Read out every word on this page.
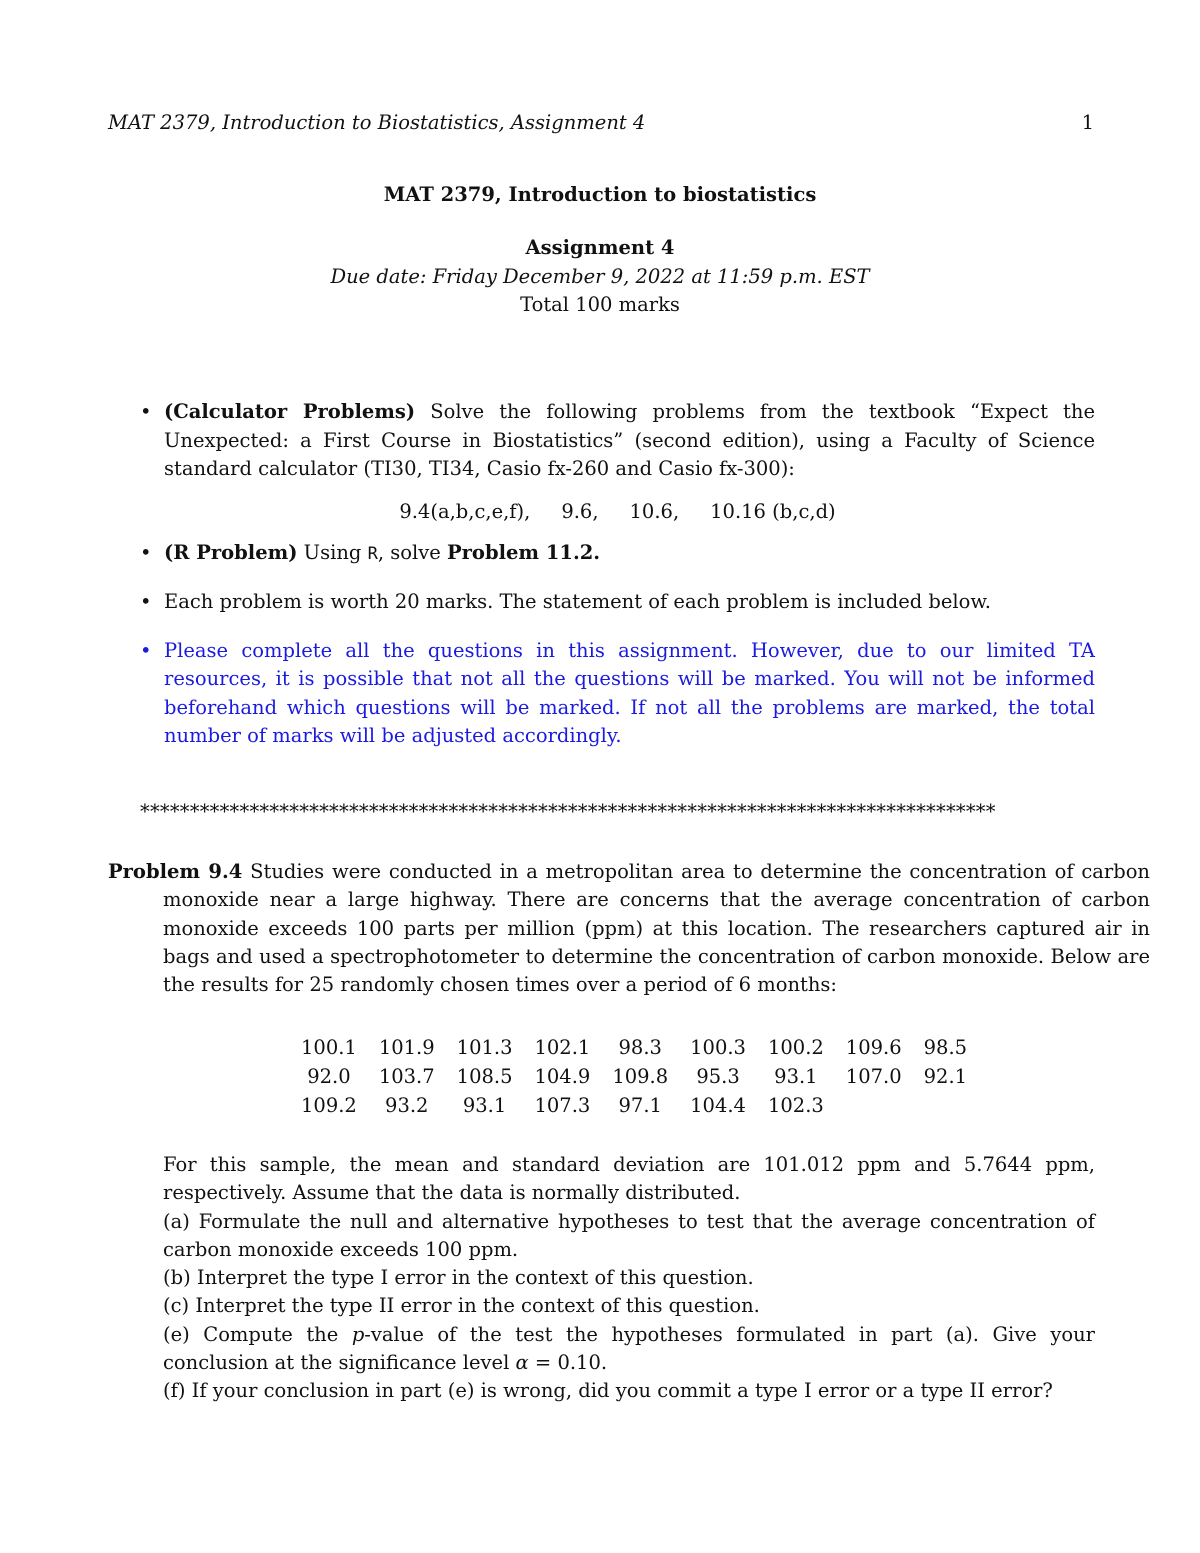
MAT 2379, Introduction to Biostatistics, Assignment 4	1
MAT 2379, Introduction to biostatistics
Assignment 4
Due date: Friday December 9, 2022 at 11:59 p.m. EST
Total 100 marks
• (Calculator Problems) Solve the following problems from the textbook “Expect the Unexpected: a First Course in Biostatistics” (second edition), using a Faculty of Science standard calculator (TI30, TI34, Casio fx-260 and Casio fx-300):
9.4(a,b,c,e,f),     9.6,     10.6,     10.16 (b,c,d)
• (R Problem) Using R, solve Problem 11.2.
• Each problem is worth 20 marks. The statement of each problem is included below.
• Please complete all the questions in this assignment. However, due to our limited TA resources, it is possible that not all the questions will be marked. You will not be informed beforehand which questions will be marked. If not all the problems are marked, the total number of marks will be adjusted accordingly.
**************************************************************************************
Problem 9.4 Studies were conducted in a metropolitan area to determine the concentration of carbon monoxide near a large highway. There are concerns that the average concentration of carbon monoxide exceeds 100 parts per million (ppm) at this location. The researchers captured air in bags and used a spectrophotometer to determine the concentration of carbon monoxide. Below are the results for 25 randomly chosen times over a period of 6 months:
100.1	101.9	101.3	102.1	98.3	100.3	100.2	109.6	98.5
92.0	103.7	108.5	104.9	109.8	95.3	93.1	107.0	92.1
109.2	93.2	93.1	107.3	97.1	104.4	102.3		
For this sample, the mean and standard deviation are 101.012 ppm and 5.7644 ppm, respectively. Assume that the data is normally distributed.
(a) Formulate the null and alternative hypotheses to test that the average concentration of carbon monoxide exceeds 100 ppm.
(b) Interpret the type I error in the context of this question.
(c) Interpret the type II error in the context of this question.
(e) Compute the p-value of the test the hypotheses formulated in part (a). Give your conclusion at the significance level α = 0.10.
(f) If your conclusion in part (e) is wrong, did you commit a type I error or a type II error?
